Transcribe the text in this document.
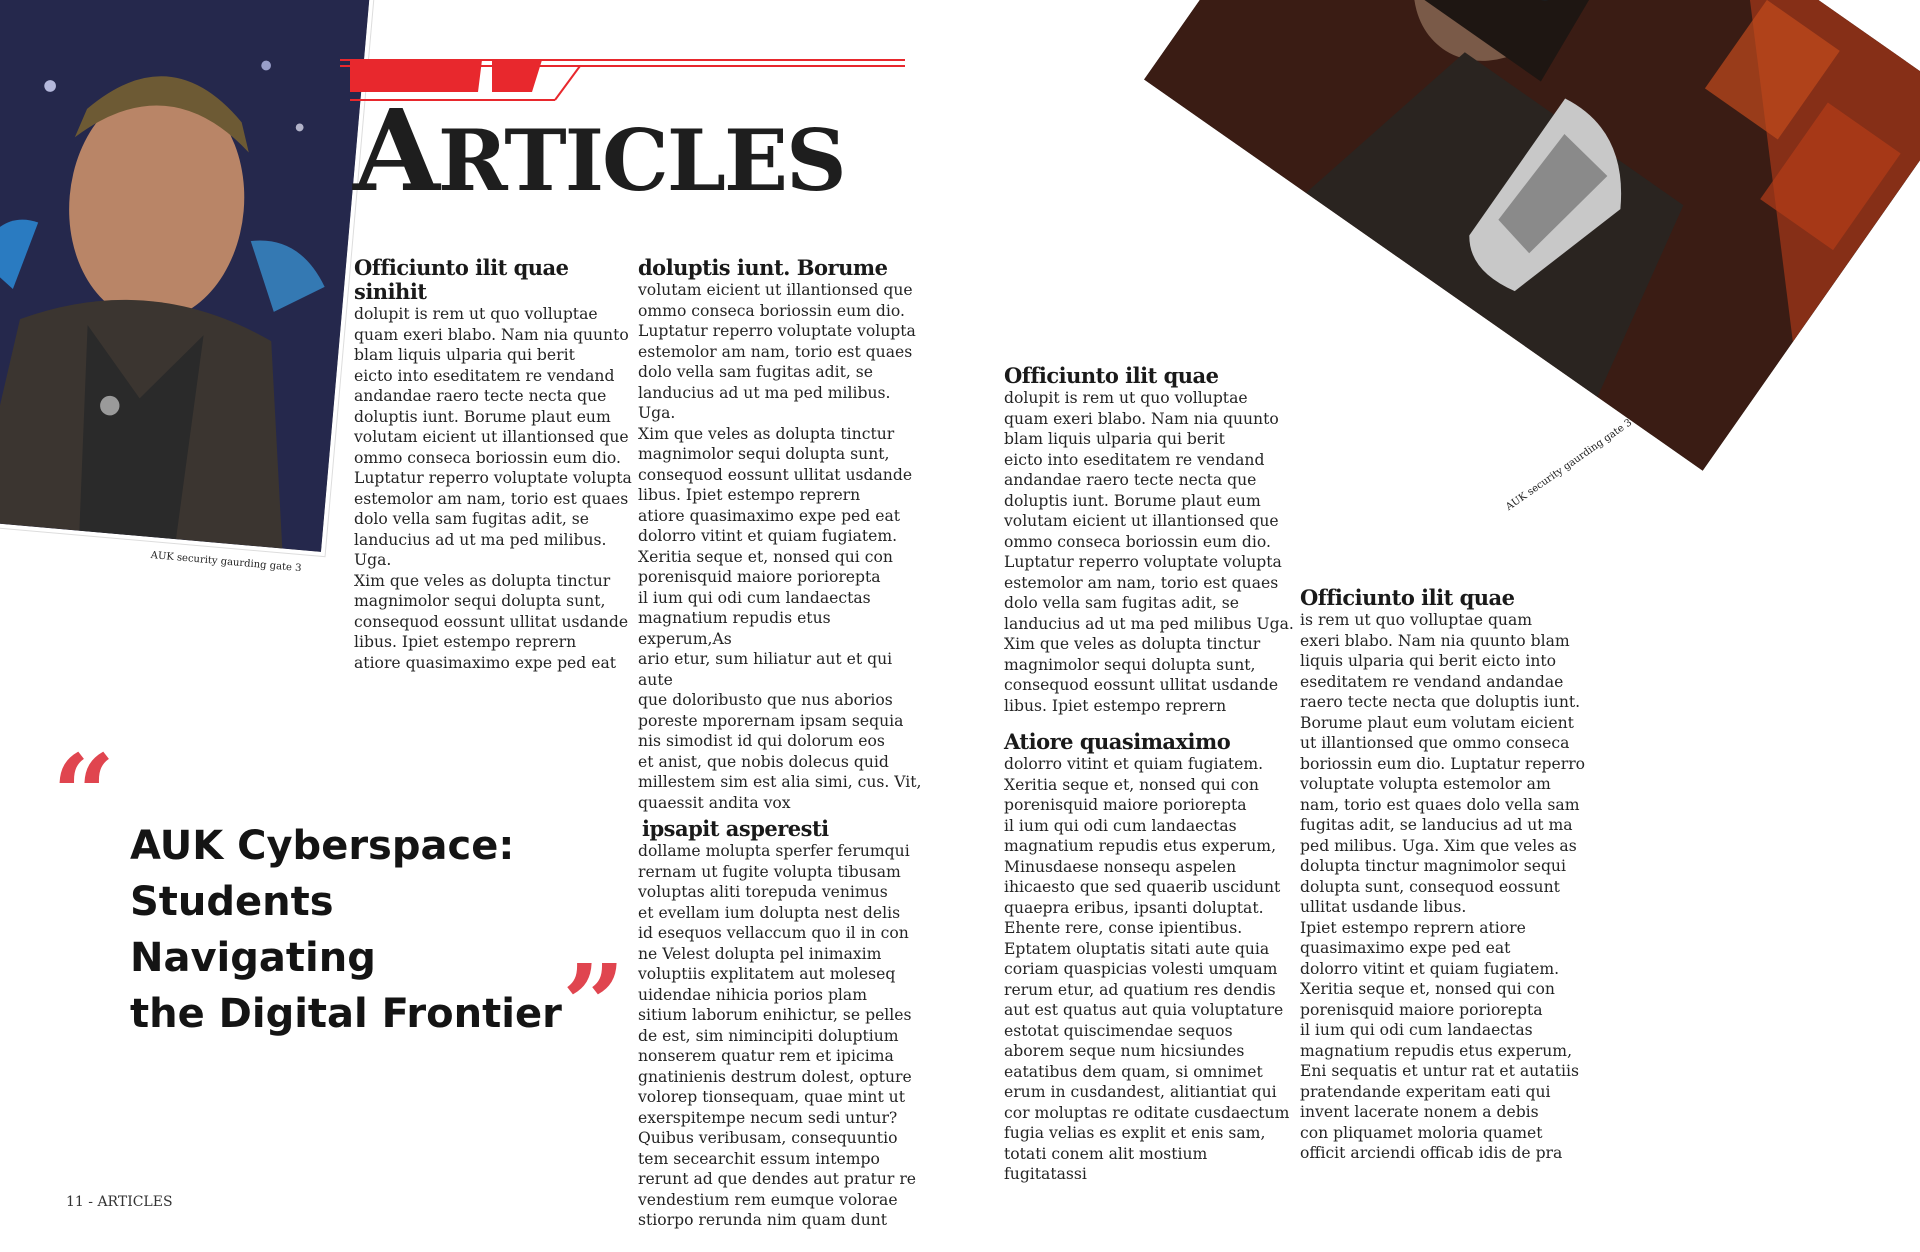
AUK security gaurding gate 3
AUK security gaurding gate 3
ARTICLES
Officiunto ilit quae sinihit

dolupit is rem ut quo volluptae
quam exeri blabo. Nam nia quunto
blam liquis ulparia qui berit
eicto into eseditatem re vendand
andandae raero tecte necta que
doluptis iunt. Borume plaut eum
volutam eicient ut illantionsed que
ommo conseca boriossin eum dio.
Luptatur reperro voluptate volupta
estemolor am nam, torio est quaes
dolo vella sam fugitas adit, se
landucius ad ut ma ped milibus. Uga.
Xim que veles as dolupta tinctur
magnimolor sequi dolupta sunt,
consequod eossunt ullitat usdande
libus. Ipiet estempo reprern
atiore quasimaximo expe ped eat

doluptis iunt. Borume

volutam eicient ut illantionsed que
ommo conseca boriossin eum dio.
Luptatur reperro voluptate volupta
estemolor am nam, torio est quaes
dolo vella sam fugitas adit, se
landucius ad ut ma ped milibus. Uga.
Xim que veles as dolupta tinctur
magnimolor sequi dolupta sunt,
consequod eossunt ullitat usdande
libus. Ipiet estempo reprern
atiore quasimaximo expe ped eat
dolorro vitint et quiam fugiatem.
Xeritia seque et, nonsed qui con
porenisquid maiore poriorepta
il ium qui odi cum landaectas
magnatium repudis etus experum,As
ario etur, sum hiliatur aut et qui aute
que doloribusto que nus aborios
poreste mporernam ipsam sequia
nis simodist id qui dolorum eos
et anist, que nobis dolecus quid
millestem sim est alia simi, cus. Vit,
quaessit andita vox

ipsapit asperesti

dollame molupta sperfer ferumqui
rernam ut fugite volupta tibusam
voluptas aliti torepuda venimus
et evellam ium dolupta nest delis
id esequos vellaccum quo il in con
ne Velest dolupta pel inimaxim
voluptiis explitatem aut moleseq
uidendae nihicia porios plam
sitium laborum enihictur, se pelles
de est, sim nimincipiti doluptium
nonserem quatur rem et ipicima
gnatinienis destrum dolest, opture
volorep tionsequam, quae mint ut
exerspitempe necum sedi untur?
Quibus veribusam, consequuntio
tem secearchit essum intempo
rerunt ad que dendes aut pratur re
vendestium rem eumque volorae
stiorpo rerunda nim quam dunt

Officiunto ilit quae

dolupit is rem ut quo volluptae
quam exeri blabo. Nam nia quunto
blam liquis ulparia qui berit
eicto into eseditatem re vendand
andandae raero tecte necta que
doluptis iunt. Borume plaut eum
volutam eicient ut illantionsed que
ommo conseca boriossin eum dio.
Luptatur reperro voluptate volupta
estemolor am nam, torio est quaes
dolo vella sam fugitas adit, se
landucius ad ut ma ped milibus Uga.
Xim que veles as dolupta tinctur
magnimolor sequi dolupta sunt,
consequod eossunt ullitat usdande
libus. Ipiet estempo reprern

Atiore quasimaximo

dolorro vitint et quiam fugiatem.
Xeritia seque et, nonsed qui con
porenisquid maiore poriorepta
il ium qui odi cum landaectas
magnatium repudis etus experum,
Minusdaese nonsequ aspelen
ihicaesto que sed quaerib uscidunt
quaepra eribus, ipsanti doluptat.
Ehente rere, conse ipientibus.
Eptatem oluptatis sitati aute quia
coriam quaspicias volesti umquam
rerum etur, ad quatium res dendis
aut est quatus aut quia voluptature
estotat quiscimendae sequos
aborem seque num hicsiundes
eatatibus dem quam, si omnimet
erum in cusdandest, alitiantiat qui
cor moluptas re oditate cusdaectum
fugia velias es explit et enis sam,
totati conem alit mostium fugitatassi

Officiunto ilit quae

is rem ut quo volluptae quam
exeri blabo. Nam nia quunto blam
liquis ulparia qui berit eicto into
eseditatem re vendand andandae
raero tecte necta que doluptis iunt.
Borume plaut eum volutam eicient
ut illantionsed que ommo conseca
boriossin eum dio. Luptatur reperro
voluptate volupta estemolor am
nam, torio est quaes dolo vella sam
fugitas adit, se landucius ad ut ma
ped milibus. Uga. Xim que veles as
dolupta tinctur magnimolor sequi
dolupta sunt, consequod eossunt
ullitat usdande libus.
Ipiet estempo reprern atiore
quasimaximo expe ped eat
dolorro vitint et quiam fugiatem.
Xeritia seque et, nonsed qui con
porenisquid maiore poriorepta
il ium qui odi cum landaectas
magnatium repudis etus experum,
Eni sequatis et untur rat et autatiis
pratendande experitam eati qui
invent lacerate nonem a debis
con pliquamet moloria quamet
officit arciendi officab idis de pra

“ AUK Cyberspace:
Students Navigating
the Digital Frontier ”
11 - ARTICLES
